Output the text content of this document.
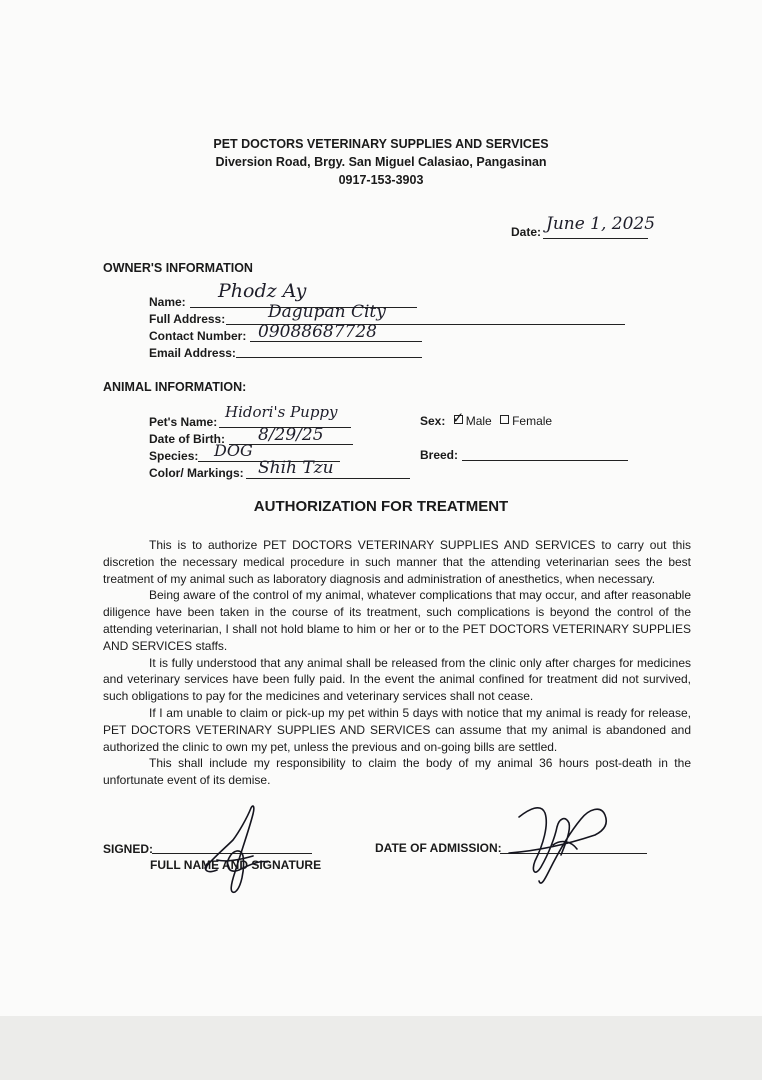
PET DOCTORS VETERINARY SUPPLIES AND SERVICES
Diversion Road, Brgy. San Miguel Calasiao, Pangasinan
0917-153-3903
Date: June 1, 2025
OWNER'S INFORMATION
Name: Phodz Ay
Full Address:	Dagupan City
Contact Number: 09088687728
Email Address:
ANIMAL INFORMATION:
Pet's Name:
Hidori's Puppy
Date of Birth: 8/29/25
Species: DOG
Color/ Markings: Shih Tzu
Sex: ✓ Male Female
Breed:
AUTHORIZATION FOR TREATMENT

This is to authorize PET DOCTORS VETERINARY SUPPLIES AND SERVICES to carry out this discretion the necessary medical procedure in such manner that the attending veterinarian sees the best treatment of my animal such as laboratory diagnosis and administration of anesthetics, when necessary.

Being aware of the control of my animal, whatever complications that may occur, and after reasonable diligence have been taken in the course of its treatment, such complications is beyond the control of the attending veterinarian, I shall not hold blame to him or her or to the PET DOCTORS VETERINARY SUPPLIES AND SERVICES staffs.

It is fully understood that any animal shall be released from the clinic only after charges for medicines and veterinary services have been fully paid. In the event the animal confined for treatment did not survived, such obligations to pay for the medicines and veterinary services shall not cease.

If I am unable to claim or pick-up my pet within 5 days with notice that my animal is ready for release, PET DOCTORS VETERINARY SUPPLIES AND SERVICES can assume that my animal is abandoned and authorized the clinic to own my pet, unless the previous and on-going bills are settled.

This shall include my responsibility to claim the body of my animal 36 hours post-death in the unfortunate event of its demise.

SIGNED:
FULL NAME AND SIGNATURE
DATE OF ADMISSION:
